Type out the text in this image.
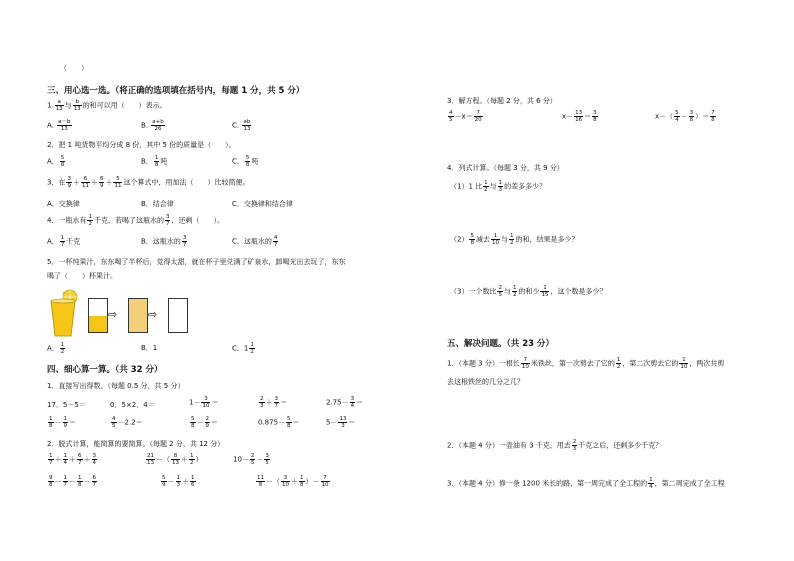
（　　）
三、用心选一选。（将正确的选项填在括号内，每题 1 分，共 5 分）
1. $\frac{a}{13}$ 与 $\frac{b}{13}$ 的和可以用（　　）表示。
A. $\frac{a-b}{13}$	B. $\frac{a+b}{26}$	C. $\frac{ab}{13}$
2．把 1 吨货物平均分成 8 份，其中 5 份的质量是（　　）。
A． $\frac{5}{8}$	B． $\frac{1}{8}$ 吨	C． $\frac{5}{8}$ 吨
3．在 $\frac{3}{9} + \frac{6}{11} + \frac{6}{9} + \frac{5}{11}$ 这个算式中，用加法（　　）比较简便。
A．交换律	B．结合律	C．交换律和结合律
4．一瓶水有 $\frac{1}{2}$ 千克，若喝了这瓶水的 $\frac{3}{7}$ ，还剩（　　）。
A． $\frac{1}{7}$ 千克	B．这瓶水的 $\frac{3}{7}$	C．这瓶水的 $\frac{4}{7}$
5．一杯纯果汁，东东喝了半杯后，觉得太甜，就在杯子里兑满了矿泉水，卸喝光出去玩了，东东
喝了（　　）杯果汁。
⇨	⇨
A． $\frac{1}{2}$	B．1	C．$1 \frac{1}{2}$
四、细心算一算。（共 32 分）
1．直接写出得数。（每题 0.5 分，共 5 分）
17．5－5＝	0．5×2．4＝	$1- \frac{3}{10}$ ＝	$\frac{2}{3} + \frac{3}{7}$ ＝	$2.75- \frac{3}{4}$ ＝
$\frac{1}{8} - \frac{1}{9}$ ＝	$\frac{4}{5} -2.2=$	$\frac{5}{8} - \frac{2}{9}$ ＝	$0.875- \frac{5}{8}$ ＝	$5- \frac{13}{3}$ ＝
2．脱式计算，能简算的要简算。（每题 2 分，共 12 分）
$\frac{1}{7} + \frac{1}{4} + \frac{6}{7} + \frac{3}{4}$	$\frac{21}{13}$ －（ $\frac{8}{13} + \frac{1}{2}$ ）	$10- \frac{2}{5} - \frac{3}{5}$
$\frac{9}{8} - \frac{1}{7} - \frac{1}{8} - \frac{6}{7}$	$\frac{5}{9} - \frac{1}{3} + \frac{1}{6}$	$\frac{11}{8}$ －（ $\frac{3}{10} + \frac{1}{8}$ ）－ $\frac{7}{10}$
3．解方程。（每题 2 分，共 6 分）
$\frac{4}{5} -x= \frac{7}{20}$	$x- \frac{13}{16} = \frac{3}{8}$	$x-( \frac{5}{4} - \frac{3}{8}$ ）＝ $\frac{7}{8}$
4．列式计算。（每题 3 分，共 9 分）
（1）1 比 $\frac{1}{2}$ 与 $\frac{1}{3}$ 的差多多少？
$(2) \frac{5}{8}$ 减去 $\frac{1}{10}$ 与 $\frac{1}{2}$ 的和，结果是多少？
（3）一个数比 $\frac{2}{5}$ 与 $\frac{1}{2}$ 的和少 $\frac{1}{15}$ ，这个数是多少？
五、解决问题。（共 23 分）
1．（本题 3 分）一根长 $\frac{7}{10}$ 米铁丝，第一次剪去了它的 $\frac{1}{2}$ ，第二次剪去它的 $\frac{1}{10}$ ，两次共剪
去这根铁丝的几分之几？
2．（本题 4 分）一壶油有 3 千克，用去 $\frac{2}{3}$ 千克之后，还剩多少千克？
3．（本题 4 分）修一条 1200 米长的路，第一周完成了全工程的 $\frac{1}{4}$ ，第二周完成了全工程
